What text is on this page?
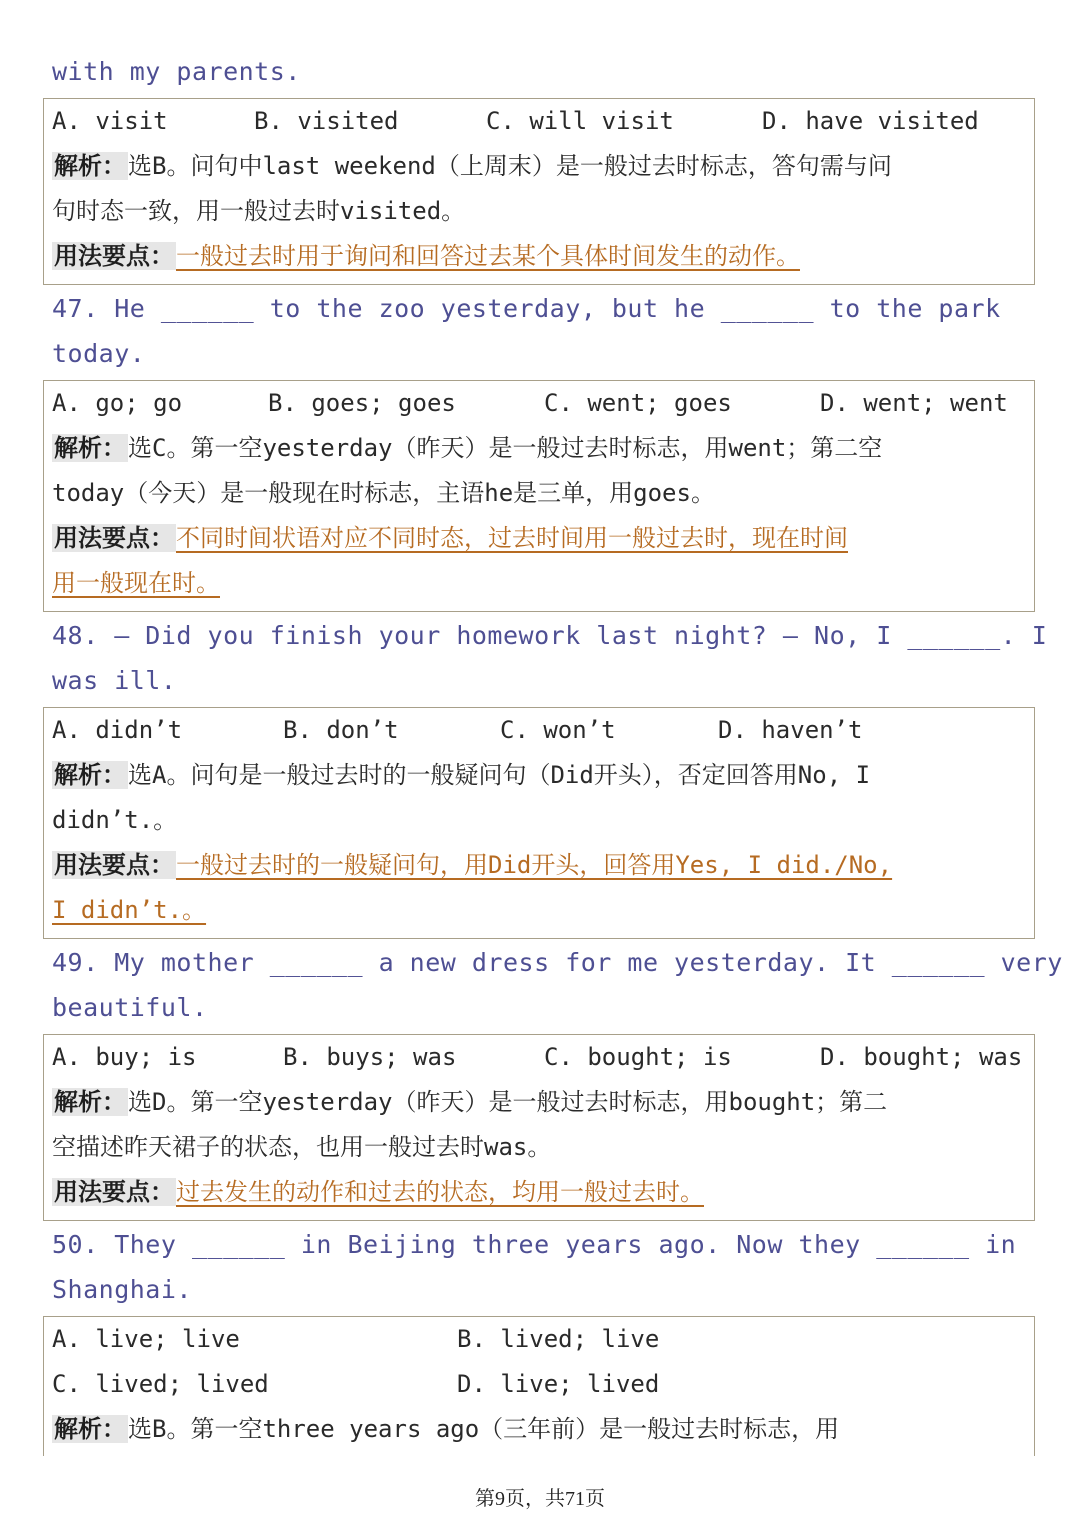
with my parents.
A. visit	B. visited	C. will visit	D. have visited
解析：选B。问句中last weekend（上周末）是一般过去时标志，答句需与问
句时态一致，用一般过去时visited。
用法要点：一般过去时用于询问和回答过去某个具体时间发生的动作。
47. He ______ to the zoo yesterday, but he ______ to the park
today.
A. go; go	B. goes; goes	C. went; goes	D. went; went
解析：选C。第一空yesterday（昨天）是一般过去时标志，用went；第二空
today（今天）是一般现在时标志，主语he是三单，用goes。
用法要点：不同时间状语对应不同时态，过去时间用一般过去时，现在时间
用一般现在时。
48. — Did you finish your homework last night? — No, I ______. I
was ill.
A. didn’t	B. don’t	C. won’t	D. haven’t
解析：选A。问句是一般过去时的一般疑问句（Did开头），否定回答用No, I
didn’t.。
用法要点：一般过去时的一般疑问句，用Did开头，回答用Yes, I did./No,
I didn’t.。
49. My mother ______ a new dress for me yesterday. It ______ very
beautiful.
A. buy; is	B. buys; was	C. bought; is	D. bought; was
解析：选D。第一空yesterday（昨天）是一般过去时标志，用bought；第二
空描述昨天裙子的状态，也用一般过去时was。
用法要点：过去发生的动作和过去的状态，均用一般过去时。
50. They ______ in Beijing three years ago. Now they ______ in
Shanghai.
A. live; live	B. lived; live
C. lived; lived	D. live; lived
解析：选B。第一空three years ago（三年前）是一般过去时标志，用
第9页，共71页
